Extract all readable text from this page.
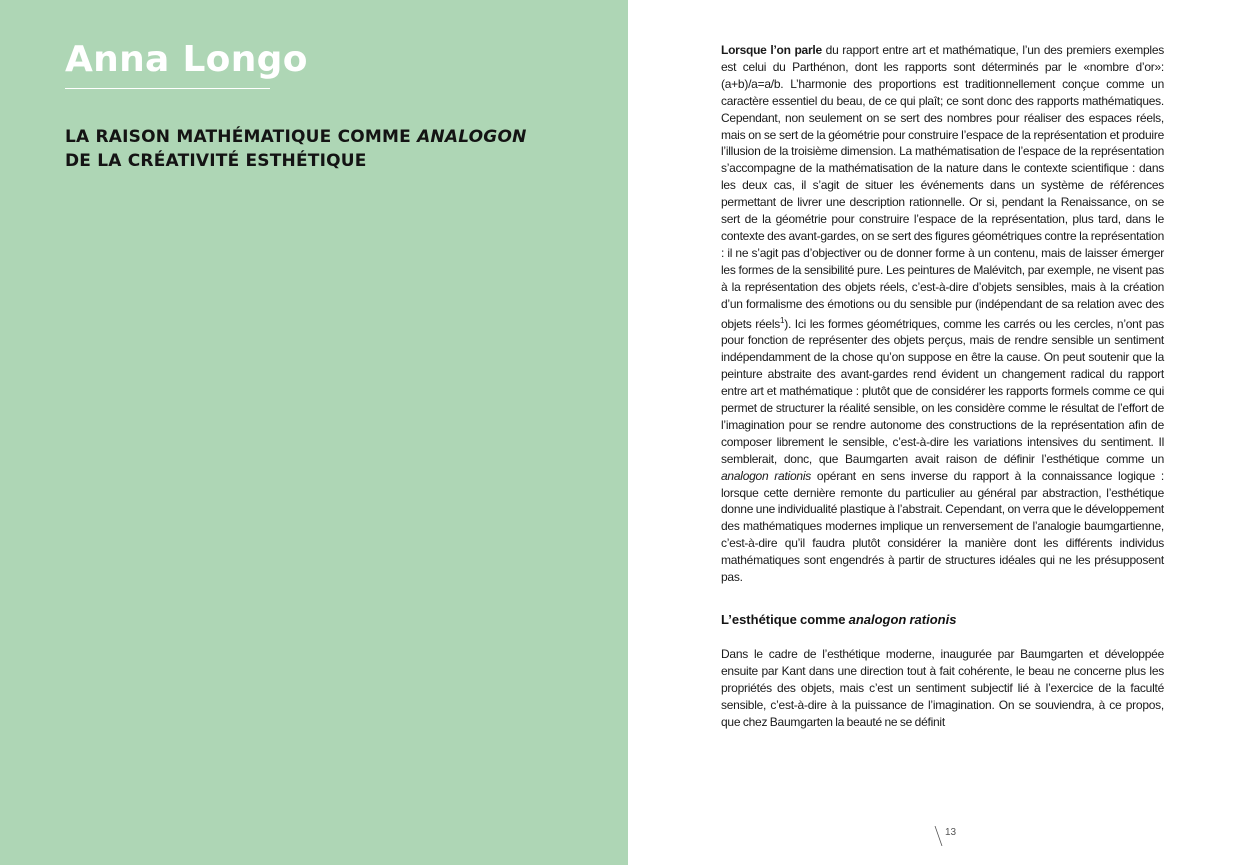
Anna Longo
LA RAISON MATHÉMATIQUE COMME ANALOGON
DE LA CRÉATIVITÉ ESTHÉTIQUE

Lorsque l’on parle du rapport entre art et mathématique, l’un des premiers exemples est celui du Parthénon, dont les rapports sont déterminés par le «nombre d’or»: (a+b)/a=a/b. L’harmonie des proportions est traditionnellement conçue comme un caractère essentiel du beau, de ce qui plaît; ce sont donc des rapports mathématiques. Cependant, non seulement on se sert des nombres pour réaliser des espaces réels, mais on se sert de la géométrie pour construire l’espace de la représentation et produire l’illusion de la troisième dimension. La mathématisation de l’espace de la représentation s’accompagne de la mathématisation de la nature dans le contexte scientifique : dans les deux cas, il s’agit de situer les événements dans un système de références permettant de livrer une description rationnelle. Or si, pendant la Renaissance, on se sert de la géométrie pour construire l’espace de la représentation, plus tard, dans le contexte des avant-gardes, on se sert des figures géométriques contre la représentation : il ne s’agit pas d’objectiver ou de donner forme à un contenu, mais de laisser émerger les formes de la sensibilité pure. Les peintures de Malévitch, par exemple, ne visent pas à la représentation des objets réels, c’est-à-dire d’objets sensibles, mais à la création d’un formalisme des émotions ou du sensible pur (indépendant de sa relation avec des objets réels$^1$). Ici les formes géométriques, comme les carrés ou les cercles, n’ont pas pour fonction de représenter des objets perçus, mais de rendre sensible un sentiment indépendamment de la chose qu’on suppose en être la cause. On peut soutenir que la peinture abstraite des avant-gardes rend évident un changement radical du rapport entre art et mathématique : plutôt que de considérer les rapports formels comme ce qui permet de structurer la réalité sensible, on les considère comme le résultat de l’effort de l’imagination pour se rendre autonome des constructions de la représentation afin de composer librement le sensible, c’est-à-dire les variations intensives du sentiment. Il semblerait, donc, que Baumgarten avait raison de définir l’esthétique comme un analogon rationis opérant en sens inverse du rapport à la connaissance logique : lorsque cette dernière remonte du particulier au général par abstraction, l’esthétique donne une individualité plastique à l’abstrait. Cependant, on verra que le développement des mathématiques modernes implique un renversement de l’analogie baumgartienne, c’est-à-dire qu’il faudra plutôt considérer la manière dont les différents individus mathématiques sont engendrés à partir de structures idéales qui ne les présupposent pas.

L’esthétique comme analogon rationis

Dans le cadre de l’esthétique moderne, inaugurée par Baumgarten et développée ensuite par Kant dans une direction tout à fait cohérente, le beau ne concerne plus les propriétés des objets, mais c’est un sentiment subjectif lié à l’exercice de la faculté sensible, c’est-à-dire à la puissance de l’imagination. On se souviendra, à ce propos, que chez Baumgarten la beauté ne se définit

13
